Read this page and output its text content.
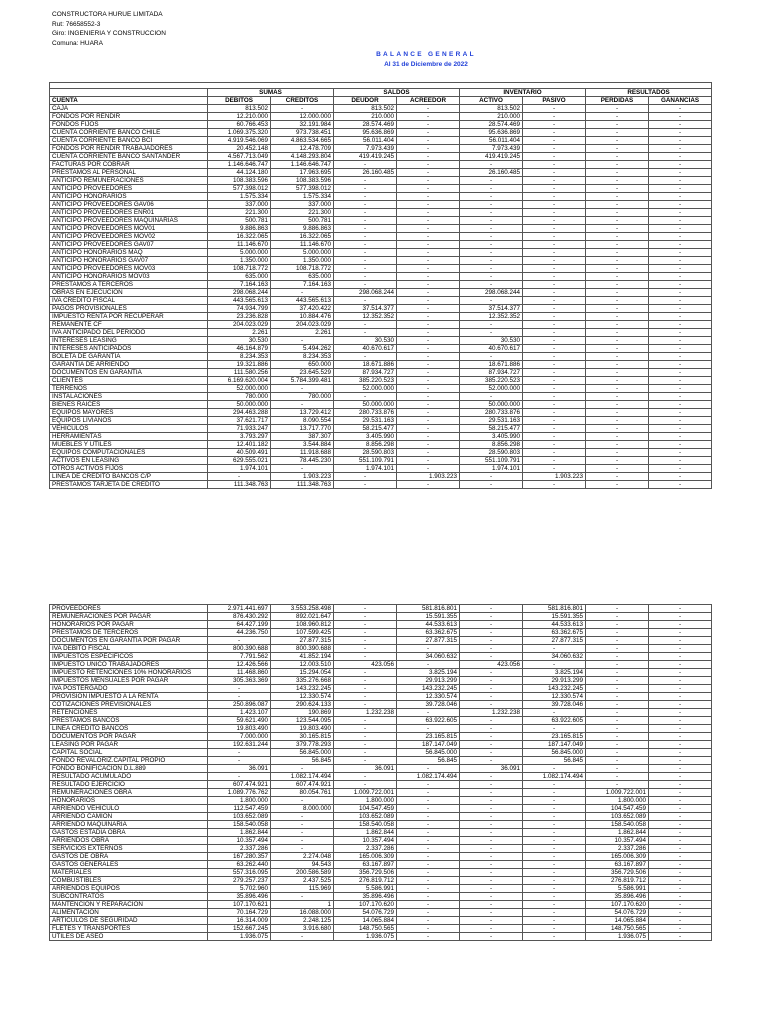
CONSTRUCTORA HURUE LIMITADA
Rut: 76658552-3
Giro: INGENIERIA Y CONSTRUCCION
Comuna: HUARA
BALANCE GENERAL
Al 31 de Diciembre de 2022

	SUMAS		SALDOS		INVENTARIO		RESULTADOS	
CUENTA	DEBITOS	CREDITOS	DEUDOR	ACREEDOR	ACTIVO	PASIVO	PERDIDAS	GANANCIAS
CAJA	813.502	-	813.502	-	813.502	-	-	-
FONDOS POR RENDIR	12.210.000	12.000.000	210.000	-	210.000	-	-	-
FONDOS FIJOS	60.766.453	32.191.984	28.574.469	-	28.574.469	-	-	-
CUENTA CORRIENTE BANCO CHILE	1.069.375.320	973.738.451	95.636.869	-	95.636.869	-	-	-
CUENTA CORRIENTE BANCO BCI	4.919.546.069	4.863.534.665	56.011.404	-	56.011.404	-	-	-
FONDOS POR RENDIR TRABAJADORES	20.452.148	12.478.709	7.973.439	-	7.973.439	-	-	-
CUENTA CORRIENTE BANCO SANTANDER	4.567.713.049	4.148.293.804	419.419.245	-	419.419.245	-	-	-
FACTURAS POR COBRAR	1.146.646.747	1.146.646.747	-	-	-	-	-	-
PRESTAMOS AL PERSONAL	44.124.180	17.963.695	26.160.485	-	26.160.485	-	-	-
ANTICIPO REMUNERACIONES	108.383.596	108.383.596	-	-	-	-	-	-
ANTICIPO PROVEEDORES	577.398.012	577.398.012	-	-	-	-	-	-
ANTICIPO HONORARIOS	1.575.334	1.575.334	-	-	-	-	-	-
ANTICIPO PROVEEDORES GAV06	337.000	337.000	-	-	-	-	-	-
ANTICIPO PROVEEDORES ENR01	221.300	221.300	-	-	-	-	-	-
ANTICIPO PROVEEDORES MAQUINARIAS	500.781	500.781	-	-	-	-	-	-
ANTICIPO PROVEEDORES MOV01	9.886.863	9.886.863	-	-	-	-	-	-
ANTICIPO PROVEEDORES MOV02	16.322.065	16.322.065	-	-	-	-	-	-
ANTICIPO PROVEEDORES GAV07	11.146.670	11.146.670	-	-	-	-	-	-
ANTICIPO HONORARIOS MAQ	5.000.000	5.000.000	-	-	-	-	-	-
ANTICIPO HONORARIOS GAV07	1.350.000	1.350.000	-	-	-	-	-	-
ANTICIPO PROVEEDORES MOV03	108.718.772	108.718.772	-	-	-	-	-	-
ANTICIPO HONORARIOS MOV03	635.000	635.000	-	-	-	-	-	-
PRESTAMOS A TERCEROS	7.164.163	7.164.163	-	-	-	-	-	-
OBRAS EN EJECUCION	298.068.244	-	298.068.244	-	298.068.244	-	-	-
IVA CREDITO FISCAL	443.565.613	443.565.613	-	-	-	-	-	-
PAGOS PROVISIONALES	74.934.799	37.420.422	37.514.377	-	37.514.377	-	-	-
IMPUESTO RENTA POR RECUPERAR	23.236.828	10.884.476	12.352.352	-	12.352.352	-	-	-
REMANENTE CF	204.023.029	204.023.029	-	-	-	-	-	-
IVA ANTICIPADO DEL PERIODO	2.261	2.261	-	-	-	-	-	-
INTERESES LEASING	30.530	-	30.530	-	30.530	-	-	-
INTERESES ANTICIPADOS	46.164.879	5.494.262	40.670.617	-	40.670.617	-	-	-
BOLETA DE GARANTIA	8.234.353	8.234.353	-	-	-	-	-	-
GARANTIA DE ARRIENDO	19.321.886	650.000	18.671.886	-	18.671.886	-	-	-
DOCUMENTOS EN GARANTIA	111.580.256	23.645.529	87.934.727	-	87.934.727	-	-	-
CLIENTES	6.169.620.004	5.784.399.481	385.220.523	-	385.220.523	-	-	-
TERRENOS	52.000.000	-	52.000.000	-	52.000.000	-	-	-
INSTALACIONES	780.000	780.000	-	-	-	-	-	-
BIENES RAICES	50.000.000	-	50.000.000	-	50.000.000	-	-	-
EQUIPOS MAYORES	294.463.288	13.729.412	280.733.876	-	280.733.876	-	-	-
EQUIPOS LIVIANOS	37.621.717	8.090.554	29.531.163	-	29.531.163	-	-	-
VEHICULOS	71.933.247	13.717.770	58.215.477	-	58.215.477	-	-	-
HERRAMIENTAS	3.793.297	387.307	3.405.990	-	3.405.990	-	-	-
MUEBLES Y UTILES	12.401.182	3.544.884	8.856.298	-	8.856.298	-	-	-
EQUIPOS COMPUTACIONALES	40.509.491	11.918.688	28.590.803	-	28.590.803	-	-	-
ACTIVOS EN LEASING	629.555.021	78.445.230	551.109.791	-	551.109.791	-	-	-
OTROS ACTIVOS FIJOS	1.974.101	-	1.974.101	-	1.974.101	-	-	-
LINEA DE CREDITO BANCOS C/P	-	1.903.223	-	1.903.223	-	1.903.223	-	-
PRESTAMOS TARJETA DE CREDITO	111.348.763	111.348.763	-	-	-	-	-	-
PROVEEDORES	2.971.441.697	3.553.258.498	-	581.816.801	-	581.816.801	-	-
REMUNERACIONES POR PAGAR	876.430.292	892.021.647	-	15.591.355	-	15.591.355	-	-
HONORARIOS POR PAGAR	64.427.199	108.960.812	-	44.533.613	-	44.533.613	-	-
PRESTAMOS DE TERCEROS	44.236.750	107.599.425	-	63.362.675	-	63.362.675	-	-
DOCUMENTOS EN GARANTIA POR PAGAR	-	27.877.315	-	27.877.315	-	27.877.315	-	-
IVA DEBITO FISCAL	800.390.688	800.390.688	-	-	-	-	-	-
IMPUESTOS ESPECIFICOS	7.791.562	41.852.194	-	34.060.632	-	34.060.632	-	-
IMPUESTO UNICO TRABAJADORES	12.426.566	12.003.510	423.056	-	423.056	-	-	-
IMPUESTO RETENCIONES 10% HONORARIOS	11.468.860	15.294.054	-	3.825.194	-	3.825.194	-	-
IMPUESTOS MENSUALES POR PAGAR	305.363.369	335.276.668	-	29.913.299	-	29.913.299	-	-
IVA POSTERGADO	-	143.232.245	-	143.232.245	-	143.232.245	-	-
PROVISION IMPUESTO A LA RENTA	-	12.330.574	-	12.330.574	-	12.330.574	-	-
COTIZACIONES PREVISIONALES	250.896.087	290.624.133	-	39.728.046	-	39.728.046	-	-
RETENCIONES	1.423.107	190.869	1.232.238	-	1.232.238	-	-	-
PRESTAMOS BANCOS	59.621.490	123.544.095	-	63.922.605	-	63.922.605	-	-
LINEA CREDITO BANCOS	19.803.490	19.803.490	-	-	-	-	-	-
DOCUMENTOS POR PAGAR	7.000.000	30.165.815	-	23.165.815	-	23.165.815	-	-
LEASING POR PAGAR	192.631.244	379.778.293	-	187.147.049	-	187.147.049	-	-
CAPITAL SOCIAL	-	56.845.000	-	56.845.000	-	56.845.000	-	-
FONDO REVALORIZ.CAPITAL PROPIO	-	56.845	-	56.845	-	56.845	-	-
FONDO BONIFICACION D.L.889	36.091	-	36.091	-	36.091	-	-	-
RESULTADO ACUMULADO	-	1.082.174.494	-	1.082.174.494	-	1.082.174.494	-	-
RESULTADO EJERCICIO	607.474.921	607.474.921	-	-	-	-	-	-
REMUNERACIONES OBRA	1.089.776.762	80.054.761	1.009.722.001	-	-	-	1.009.722.001	-
HONORARIOS	1.800.000	-	1.800.000	-	-	-	1.800.000	-
ARRIENDO VEHICULO	112.547.459	8.000.000	104.547.459	-	-	-	104.547.459	-
ARRIENDO CAMION	103.652.089	-	103.652.089	-	-	-	103.652.089	-
ARRIENDO MAQUINARIA	158.540.058	-	158.540.058	-	-	-	158.540.058	-
GASTOS ESTADIA OBRA	1.862.844	-	1.862.844	-	-	-	1.862.844	-
ARRIENDOS OBRA	10.357.494	-	10.357.494	-	-	-	10.357.494	-
SERVICIOS EXTERNOS	2.337.286	-	2.337.286	-	-	-	2.337.286	-
GASTOS DE OBRA	167.280.357	2.274.048	165.006.309	-	-	-	165.006.309	-
GASTOS GENERALES	63.262.440	94.543	63.167.897	-	-	-	63.167.897	-
MATERIALES	557.316.095	200.586.589	356.729.506	-	-	-	356.729.506	-
COMBUSTIBLES	279.257.237	2.437.525	276.819.712	-	-	-	276.819.712	-
ARRIENDOS EQUIPOS	5.702.960	115.969	5.586.991	-	-	-	5.586.991	-
SUBCONTRATOS	35.896.496	-	35.896.496	-	-	-	35.896.496	-
MANTENCION Y REPARACION	107.170.621	1	107.170.620	-	-	-	107.170.620	-
ALIMENTACION	70.164.729	16.088.000	54.076.729	-	-	-	54.076.729	-
ARTICULOS DE SEGURIDAD	16.314.009	2.248.125	14.065.884	-	-	-	14.065.884	-
FLETES Y TRANSPORTES	152.667.245	3.916.680	148.750.565	-	-	-	148.750.565	-
UTILES DE ASEO	1.936.075	-	1.936.075	-	-	-	1.936.075	-
